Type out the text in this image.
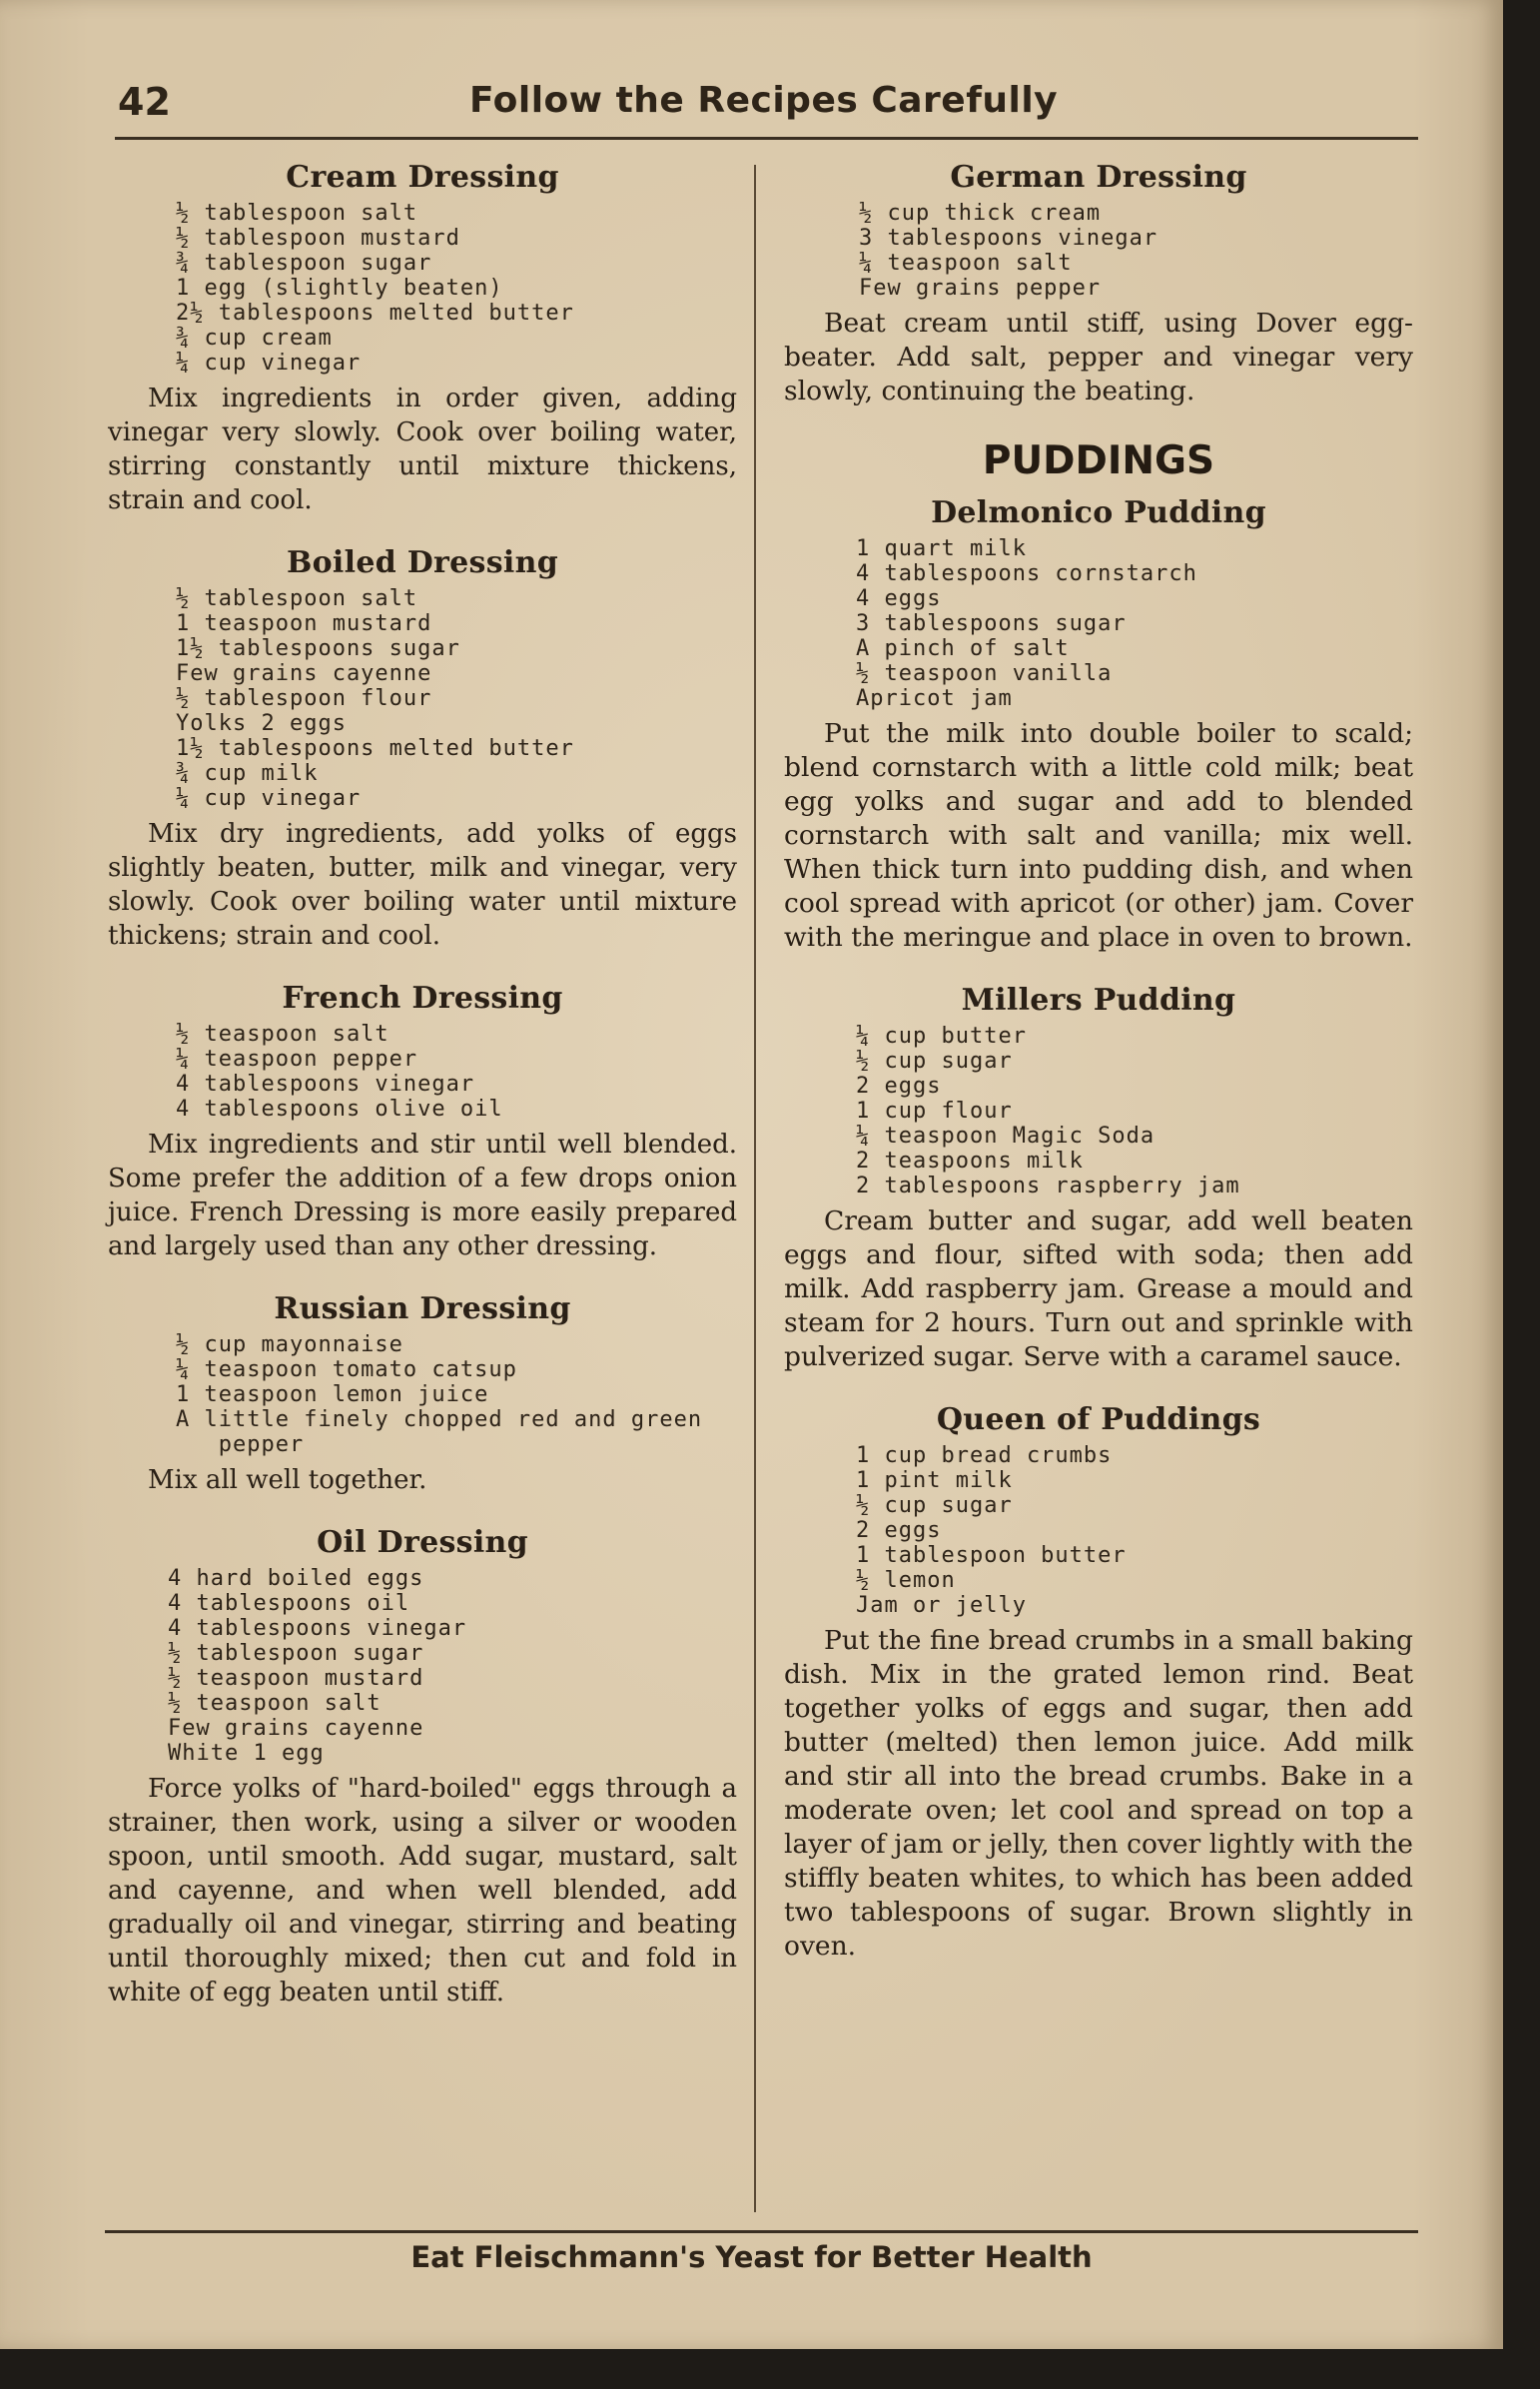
42	Follow the Recipes Carefully
Cream Dressing
½ tablespoon salt
½ tablespoon mustard
¾ tablespoon sugar
1 egg (slightly beaten)
2½ tablespoons melted butter
¾ cup cream
¼ cup vinegar

Mix ingredients in order given, adding vinegar very slowly. Cook over boiling water, stirring constantly until mixture thickens, strain and cool.

Boiled Dressing
½ tablespoon salt
1 teaspoon mustard
1½ tablespoons sugar
Few grains cayenne
½ tablespoon flour
Yolks 2 eggs
1½ tablespoons melted butter
¾ cup milk
¼ cup vinegar

Mix dry ingredients, add yolks of eggs slightly beaten, butter, milk and vinegar, very slowly. Cook over boiling water until mixture thickens; strain and cool.

French Dressing
½ teaspoon salt
¼ teaspoon pepper
4 tablespoons vinegar
4 tablespoons olive oil

Mix ingredients and stir until well blended. Some prefer the addition of a few drops onion juice. French Dressing is more easily prepared and largely used than any other dressing.

Russian Dressing
½ cup mayonnaise
¼ teaspoon tomato catsup
1 teaspoon lemon juice
A little finely chopped red and green
pepper

Mix all well together.

Oil Dressing
4 hard boiled eggs
4 tablespoons oil
4 tablespoons vinegar
½ tablespoon sugar
½ teaspoon mustard
½ teaspoon salt
Few grains cayenne
White 1 egg

Force yolks of "hard-boiled" eggs through a strainer, then work, using a silver or wooden spoon, until smooth. Add sugar, mustard, salt and cayenne, and when well blended, add gradually oil and vinegar, stirring and beating until thoroughly mixed; then cut and fold in white of egg beaten until stiff.

German Dressing
½ cup thick cream
3 tablespoons vinegar
¼ teaspoon salt
Few grains pepper

Beat cream until stiff, using Dover egg-beater. Add salt, pepper and vinegar very slowly, continuing the beating.

PUDDINGS
Delmonico Pudding
1 quart milk
4 tablespoons cornstarch
4 eggs
3 tablespoons sugar
A pinch of salt
½ teaspoon vanilla
Apricot jam

Put the milk into double boiler to scald; blend cornstarch with a little cold milk; beat egg yolks and sugar and add to blended cornstarch with salt and vanilla; mix well. When thick turn into pudding dish, and when cool spread with apricot (or other) jam. Cover with the meringue and place in oven to brown.

Millers Pudding
¼ cup butter
½ cup sugar
2 eggs
1 cup flour
¼ teaspoon Magic Soda
2 teaspoons milk
2 tablespoons raspberry jam

Cream butter and sugar, add well beaten eggs and flour, sifted with soda; then add milk. Add raspberry jam. Grease a mould and steam for 2 hours. Turn out and sprinkle with pulverized sugar. Serve with a caramel sauce.

Queen of Puddings
1 cup bread crumbs
1 pint milk
½ cup sugar
2 eggs
1 tablespoon butter
½ lemon
Jam or jelly

Put the fine bread crumbs in a small baking dish. Mix in the grated lemon rind. Beat together yolks of eggs and sugar, then add butter (melted) then lemon juice. Add milk and stir all into the bread crumbs. Bake in a moderate oven; let cool and spread on top a layer of jam or jelly, then cover lightly with the stiffly beaten whites, to which has been added two tablespoons of sugar. Brown slightly in oven.

Eat Fleischmann's Yeast for Better Health
